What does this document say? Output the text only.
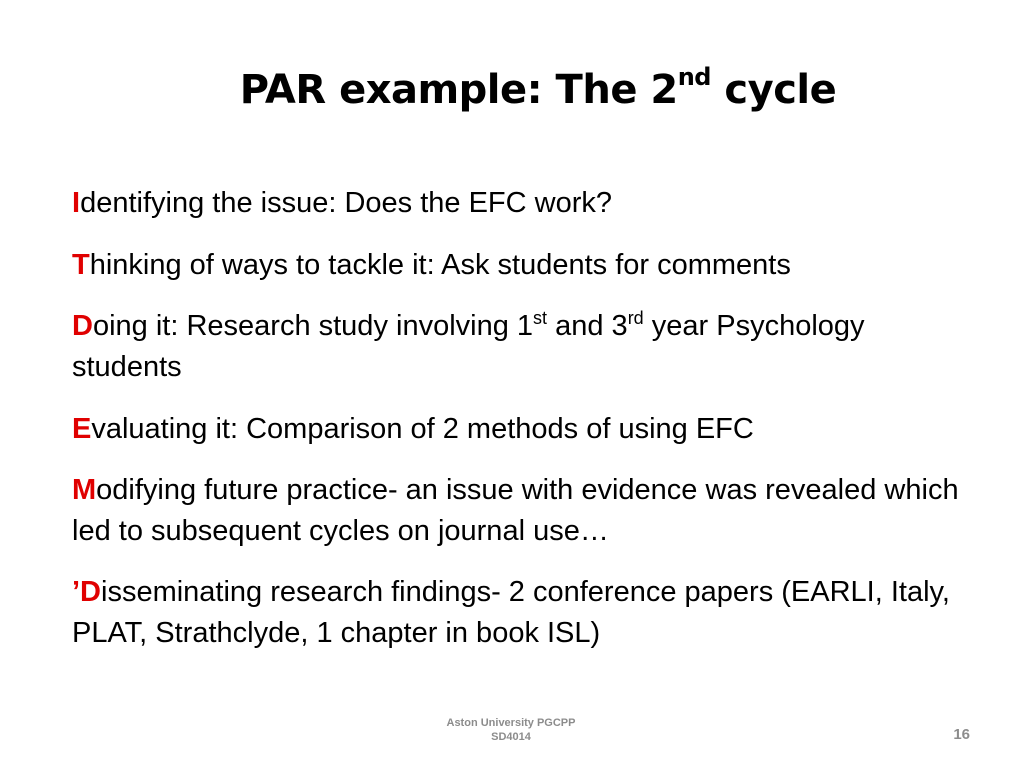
PAR example: The 2nd cycle
Identifying the issue: Does the EFC work?
Thinking of ways to tackle it: Ask students for comments
Doing it: Research study involving 1st and 3rd year Psychology students
Evaluating it: Comparison of 2 methods of using EFC
Modifying future practice- an issue with evidence was revealed which led to subsequent cycles on journal use…
’Disseminating research findings- 2 conference papers (EARLI, Italy, PLAT, Strathclyde, 1 chapter in book ISL)
Aston University PGCPP
SD4014	16
